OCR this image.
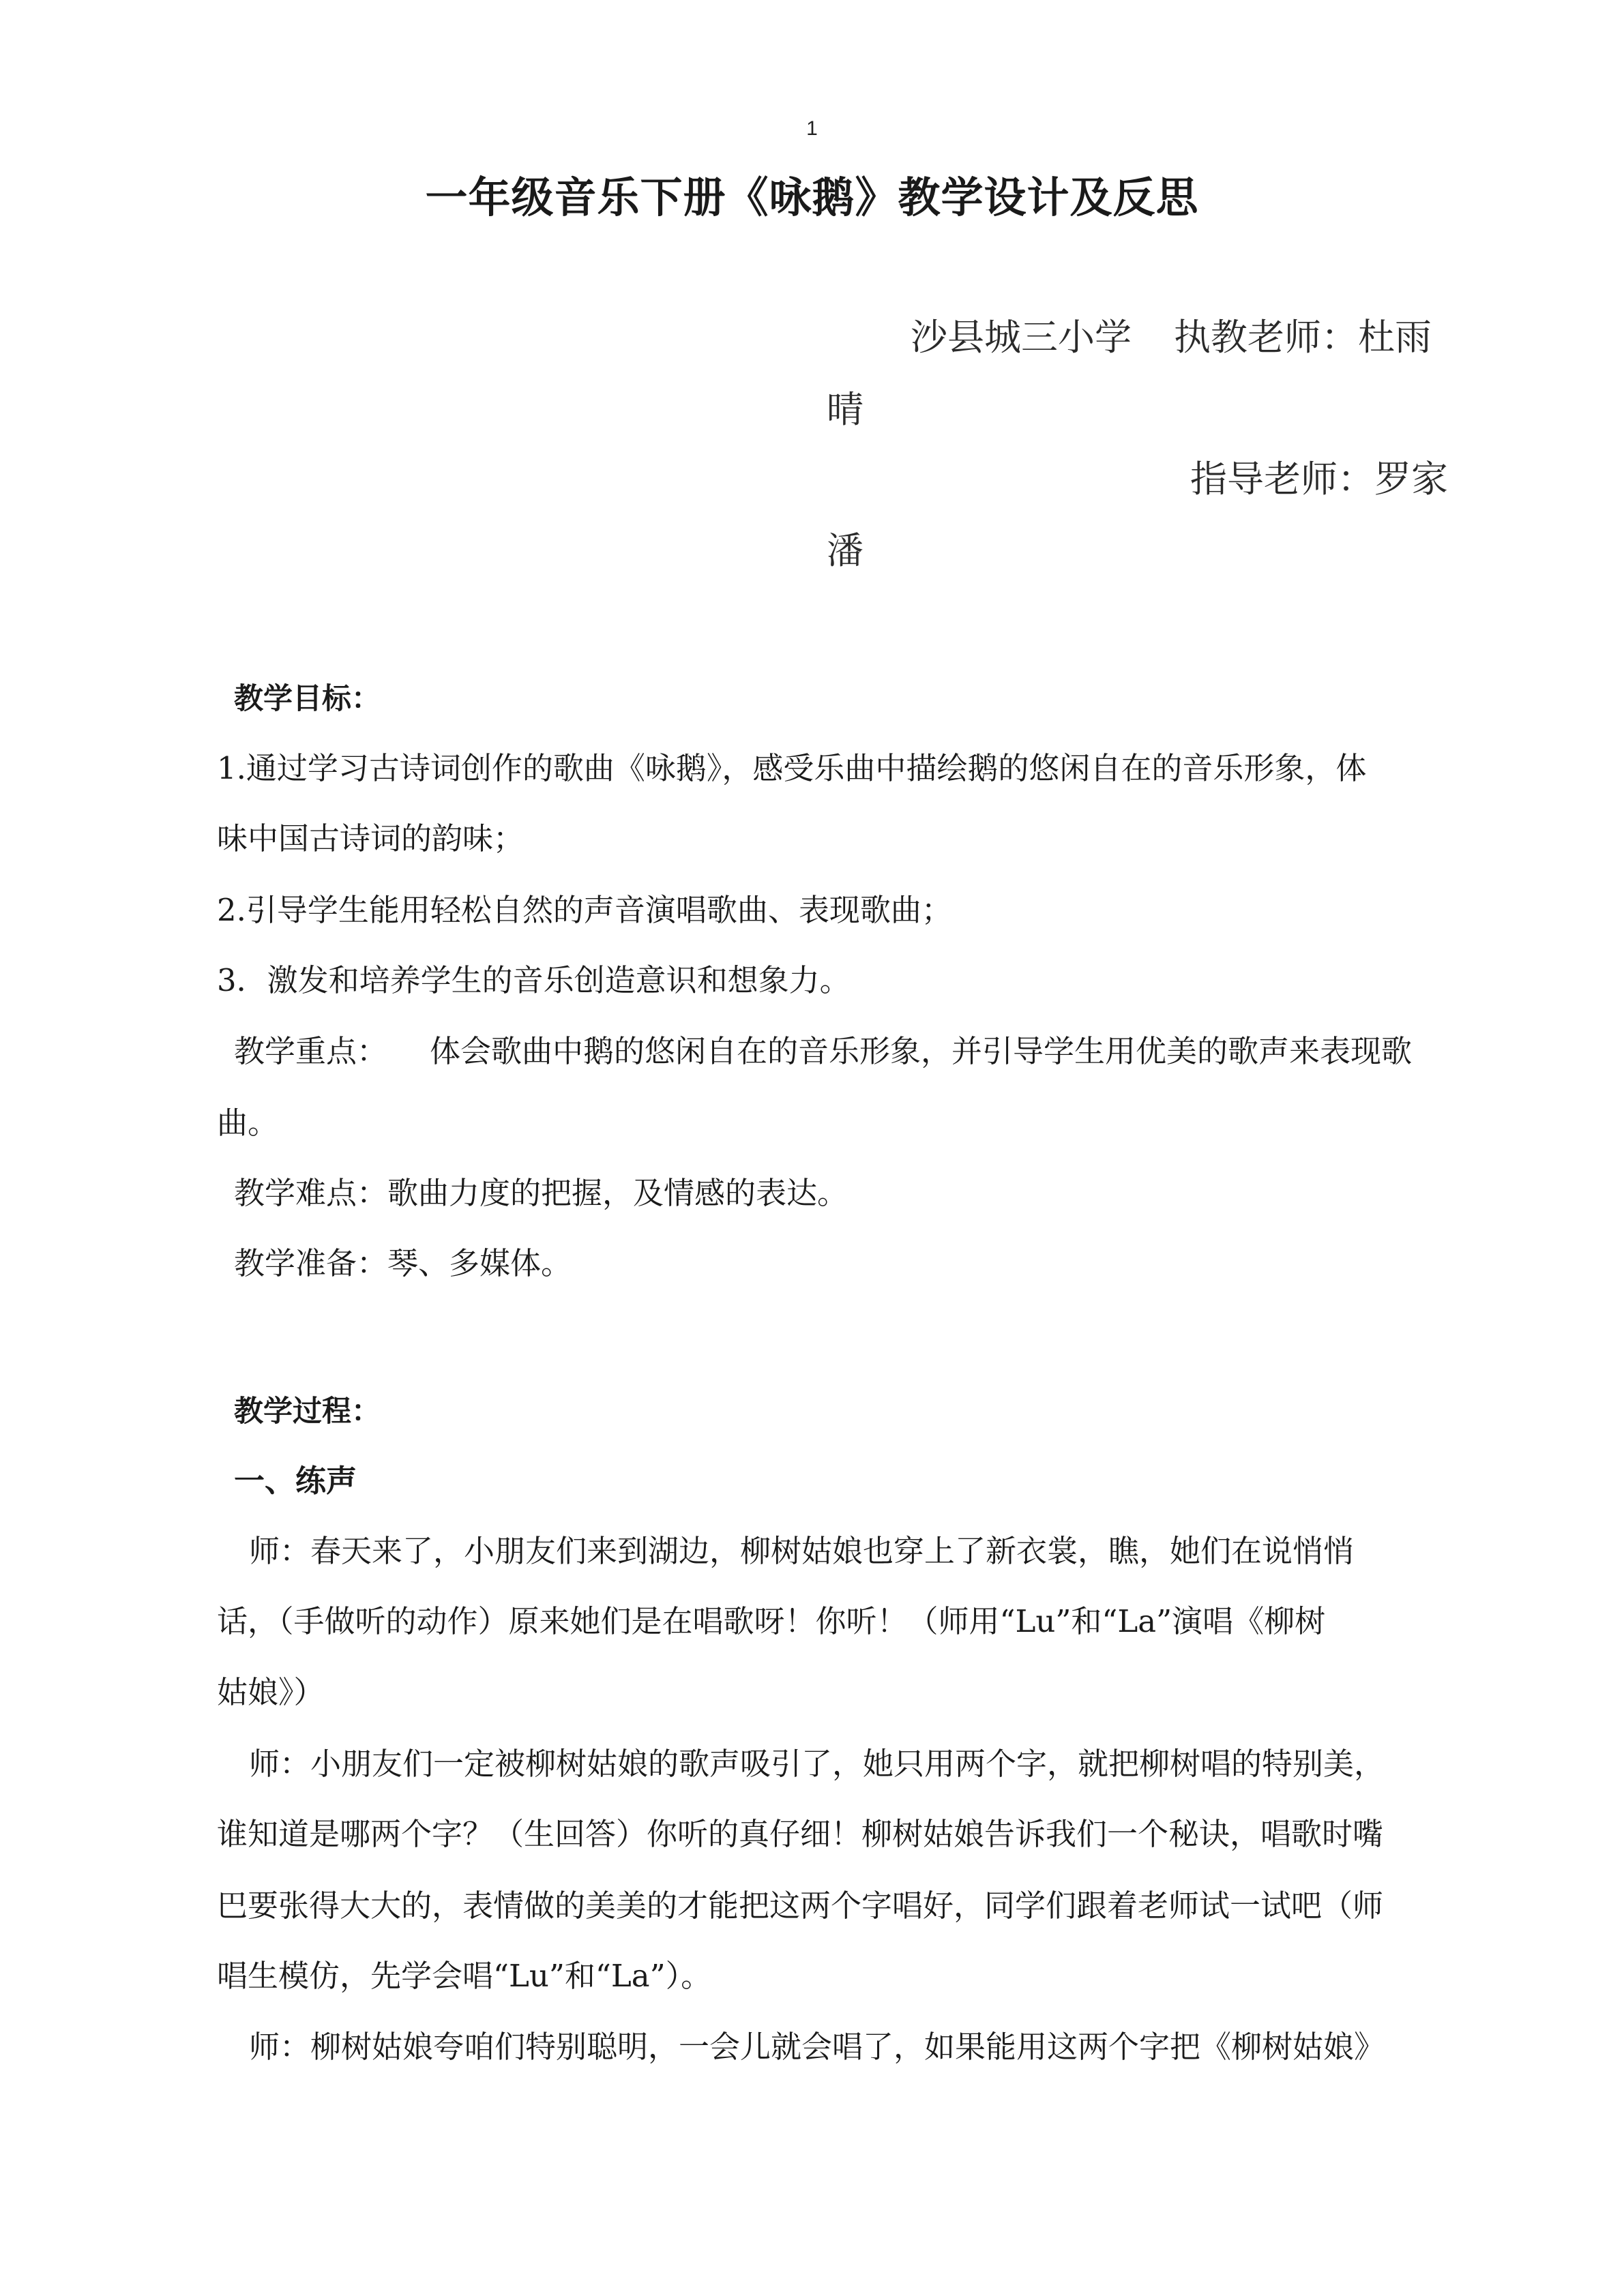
1
一年级音乐下册《咏鹅》教学设计及反思
沙县城三小学 执教老师：杜雨
晴
指导老师：罗家
潘
教学目标：
1.通过学习古诗词创作的歌曲《咏鹅》，感受乐曲中描绘鹅的悠闲自在的音乐形象，体
味中国古诗词的韵味；
2.引导学生能用轻松自然的声音演唱歌曲、表现歌曲；
3．激发和培养学生的音乐创造意识和想象力。
教学重点： 体会歌曲中鹅的悠闲自在的音乐形象，并引导学生用优美的歌声来表现歌
曲。
教学难点：歌曲力度的把握，及情感的表达。
教学准备：琴、多媒体。
教学过程：
一、练声
师：春天来了，小朋友们来到湖边，柳树姑娘也穿上了新衣裳，瞧，她们在说悄悄
话，（手做听的动作）原来她们是在唱歌呀！你听！（师用“Lu”和“La”演唱《柳树
姑娘》）
师：小朋友们一定被柳树姑娘的歌声吸引了，她只用两个字，就把柳树唱的特别美，
谁知道是哪两个字？（生回答）你听的真仔细！柳树姑娘告诉我们一个秘诀，唱歌时嘴
巴要张得大大的，表情做的美美的才能把这两个字唱好，同学们跟着老师试一试吧（师
唱生模仿，先学会唱“Lu”和“La”）。
师：柳树姑娘夸咱们特别聪明，一会儿就会唱了，如果能用这两个字把《柳树姑娘》
